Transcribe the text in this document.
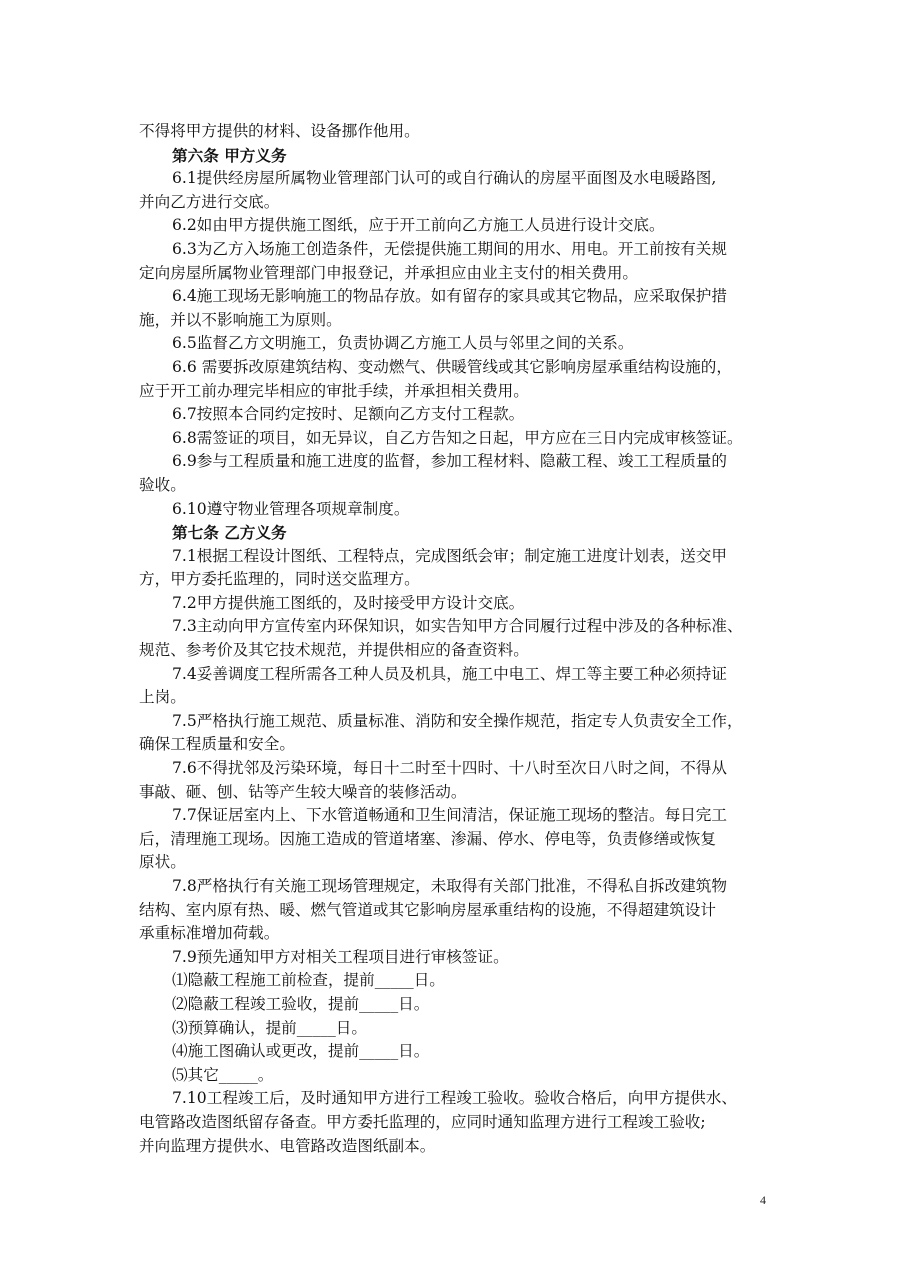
不得将甲方提供的材料、设备挪作他用。
第六条 甲方义务
6.1提供经房屋所属物业管理部门认可的或自行确认的房屋平面图及水电暖路图,
并向乙方进行交底。
6.2如由甲方提供施工图纸，应于开工前向乙方施工人员进行设计交底。
6.3为乙方入场施工创造条件，无偿提供施工期间的用水、用电。开工前按有关规
定向房屋所属物业管理部门申报登记，并承担应由业主支付的相关费用。
6.4施工现场无影响施工的物品存放。如有留存的家具或其它物品，应采取保护措
施，并以不影响施工为原则。
6.5监督乙方文明施工，负责协调乙方施工人员与邻里之间的关系。
6.6 需要拆改原建筑结构、变动燃气、供暖管线或其它影响房屋承重结构设施的，
应于开工前办理完毕相应的审批手续，并承担相关费用。
6.7按照本合同约定按时、足额向乙方支付工程款。
6.8需签证的项目，如无异议，自乙方告知之日起，甲方应在三日内完成审核签证。
6.9参与工程质量和施工进度的监督，参加工程材料、隐蔽工程、竣工工程质量的
验收。
6.10遵守物业管理各项规章制度。
第七条 乙方义务
7.1根据工程设计图纸、工程特点，完成图纸会审；制定施工进度计划表，送交甲
方，甲方委托监理的，同时送交监理方。
7.2甲方提供施工图纸的，及时接受甲方设计交底。
7.3主动向甲方宣传室内环保知识，如实告知甲方合同履行过程中涉及的各种标准、
规范、参考价及其它技术规范，并提供相应的备查资料。
7.4妥善调度工程所需各工种人员及机具，施工中电工、焊工等主要工种必须持证
上岗。
7.5严格执行施工规范、质量标准、消防和安全操作规范，指定专人负责安全工作，
确保工程质量和安全。
7.6不得扰邻及污染环境，每日十二时至十四时、十八时至次日八时之间，不得从
事敲、砸、刨、钻等产生较大噪音的装修活动。
7.7保证居室内上、下水管道畅通和卫生间清洁，保证施工现场的整洁。每日完工
后，清理施工现场。因施工造成的管道堵塞、渗漏、停水、停电等，负责修缮或恢复
原状。
7.8严格执行有关施工现场管理规定，未取得有关部门批准，不得私自拆改建筑物
结构、室内原有热、暖、燃气管道或其它影响房屋承重结构的设施，不得超建筑设计
承重标准增加荷载。
7.9预先通知甲方对相关工程项目进行审核签证。
⑴隐蔽工程施工前检查，提前_____日。
⑵隐蔽工程竣工验收，提前_____日。
⑶预算确认，提前_____日。
⑷施工图确认或更改，提前_____日。
⑸其它_____。
7.10工程竣工后，及时通知甲方进行工程竣工验收。验收合格后，向甲方提供水、
电管路改造图纸留存备查。甲方委托监理的，应同时通知监理方进行工程竣工验收;
并向监理方提供水、电管路改造图纸副本。
4
